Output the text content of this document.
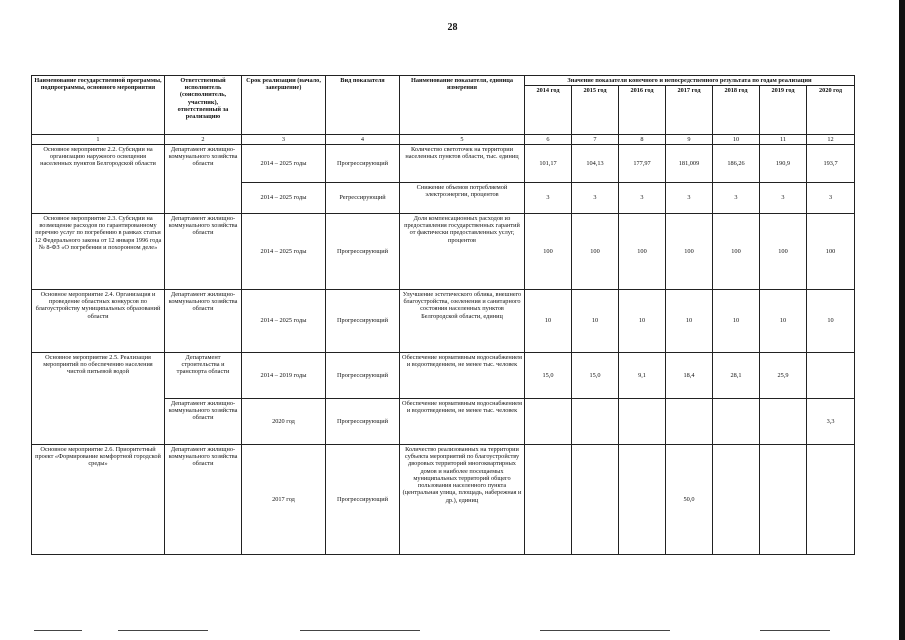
28
Наименование государственной программы, подпрограммы, основного мероприятия	Ответственный исполнитель (соисполнитель, участник), ответственный за реализацию	Срок реализации (начало, завершение)	Вид показателя	Наименование показателя, единица измерения	Значение показателя конечного и непосредственного результата по годам реализации						
					2014 год	2015 год	2016 год	2017 год	2018 год	2019 год	2020 год
1	2	3	4	5	6	7	8	9	10	11	12
Основное мероприятие 2.2. Субсидии на организацию наружного освещения населенных пунктов Белгородской области	Департамент жилищно-коммунального хозяйства области	2014 – 2025 годы	Прогрессирующий	Количество светоточек на территории населенных пунктов области, тыс. единиц	101,17	104,13	177,97	181,009	186,26	190,9	193,7
		2014 – 2025 годы	Регрессирующий	Снижение объемов потребляемой электроэнергии, процентов	3	3	3	3	3	3	3
Основное мероприятие 2.3. Субсидии на возмещение расходов по гарантированному перечню услуг по погребению в рамках статьи 12 Федерального закона от 12 января 1996 года № 8-ФЗ «О погребении и похоронном деле»	Департамент жилищно-коммунального хозяйства области	2014 – 2025 годы	Прогрессирующий	Доля компенсационных расходов из предоставления государственных гарантий от фактически предоставленных услуг, процентов	100	100	100	100	100	100	100
Основное мероприятие 2.4. Организация и проведение областных конкурсов по благоустройству муниципальных образований области	Департамент жилищно-коммунального хозяйства области	2014 – 2025 годы	Прогрессирующий	Улучшение эстетического облика, внешнего благоустройства, озеленения и санитарного состояния населенных пунктов Белгородской области, единиц	10	10	10	10	10	10	10
Основное мероприятие 2.5. Реализация мероприятий по обеспечению населения чистой питьевой водой	Департамент строительства и транспорта области	2014 – 2019 годы	Прогрессирующий	Обеспечение нормативным водоснабжением и водоотведением, не менее тыс. человек	15,0	15,0	9,1	18,4	28,1	25,9	
	Департамент жилищно-коммунального хозяйства области	2020 год	Прогрессирующий	Обеспечение нормативным водоснабжением и водоотведением, не менее тыс. человек							3,3
Основное мероприятие 2.6. Приоритетный проект «Формирование комфортной городской среды»	Департамент жилищно-коммунального хозяйства области	2017 год	Прогрессирующий	Количество реализованных на территории субъекта мероприятий по благоустройству дворовых территорий многоквартирных домов и наиболее посещаемых муниципальных территорий общего пользования населенного пункта (центральная улица, площадь, набережная и др.), единиц				50,0			
